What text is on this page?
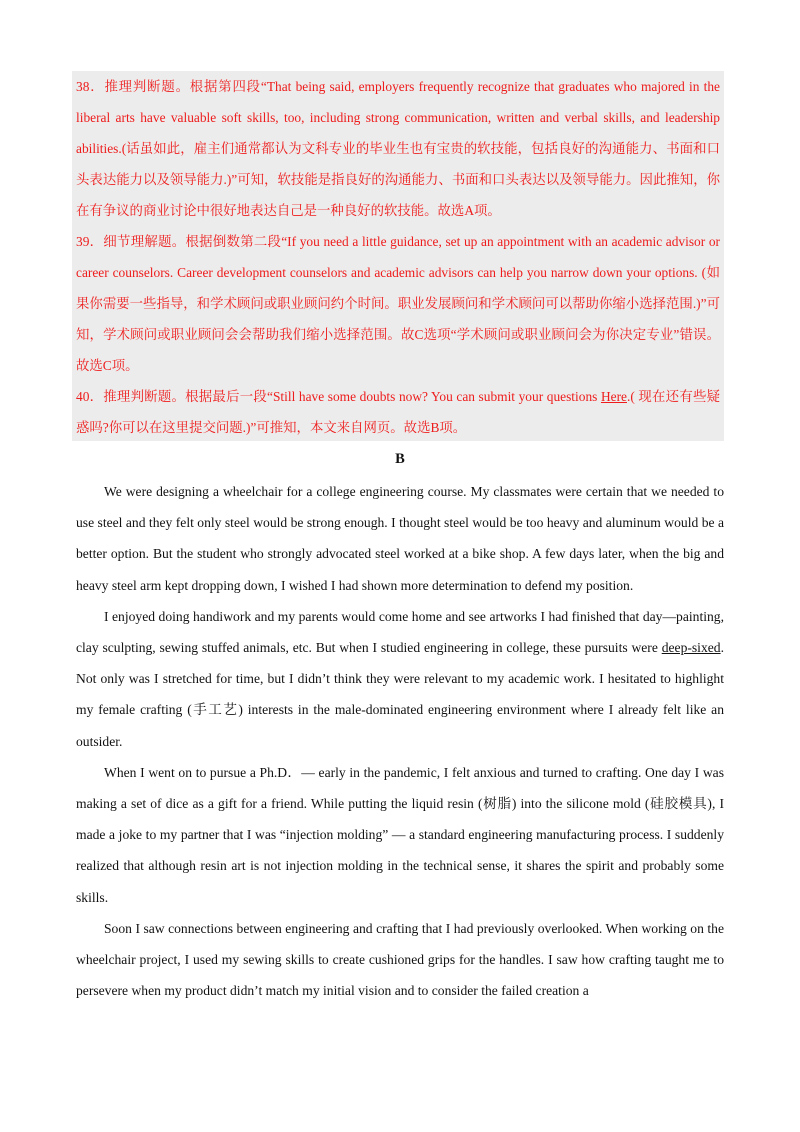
38．推理判断题。根据第四段“That being said, employers frequently recognize that graduates who majored in the liberal arts have valuable soft skills, too, including strong communication, written and verbal skills, and leadership abilities.(话虽如此，雇主们通常都认为文科专业的毕业生也有宝贵的软技能，包括良好的沟通能力、书面和口头表达能力以及领导能力.)”可知，软技能是指良好的沟通能力、书面和口头表达以及领导能力。因此推知，你在有争议的商业讨论中很好地表达自己是一种良好的软技能。故选A项。

39．细节理解题。根据倒数第二段“If you need a little guidance, set up an appointment with an academic advisor or career counselors. Career development counselors and academic advisors can help you narrow down your options. (如果你需要一些指导，和学术顾问或职业顾问约个时间。职业发展顾问和学术顾问可以帮助你缩小选择范围.)”可知，学术顾问或职业顾问会会帮助我们缩小选择范围。故C选项“学术顾问或职业顾问会为你决定专业”错误。故选C项。

40．推理判断题。根据最后一段“Still have some doubts now? You can submit your questions Here.( 现在还有些疑惑吗?你可以在这里提交问题.)”可推知，本文来自网页。故选B项。

B

We were designing a wheelchair for a college engineering course. My classmates were certain that we needed to use steel and they felt only steel would be strong enough. I thought steel would be too heavy and aluminum would be a better option. But the student who strongly advocated steel worked at a bike shop. A few days later, when the big and heavy steel arm kept dropping down, I wished I had shown more determination to defend my position.

I enjoyed doing handiwork and my parents would come home and see artworks I had finished that day—painting, clay sculpting, sewing stuffed animals, etc. But when I studied engineering in college, these pursuits were deep-sixed. Not only was I stretched for time, but I didn’t think they were relevant to my academic work. I hesitated to highlight my female crafting (手工艺) interests in the male-dominated engineering environment where I already felt like an outsider.

When I went on to pursue a Ph.D．— early in the pandemic, I felt anxious and turned to crafting. One day I was making a set of dice as a gift for a friend. While putting the liquid resin (树脂) into the silicone mold (硅胶模具), I made a joke to my partner that I was “injection molding” — a standard engineering manufacturing process. I suddenly realized that although resin art is not injection molding in the technical sense, it shares the spirit and probably some skills.

Soon I saw connections between engineering and crafting that I had previously overlooked. When working on the wheelchair project, I used my sewing skills to create cushioned grips for the handles. I saw how crafting taught me to persevere when my product didn’t match my initial vision and to consider the failed creation a
